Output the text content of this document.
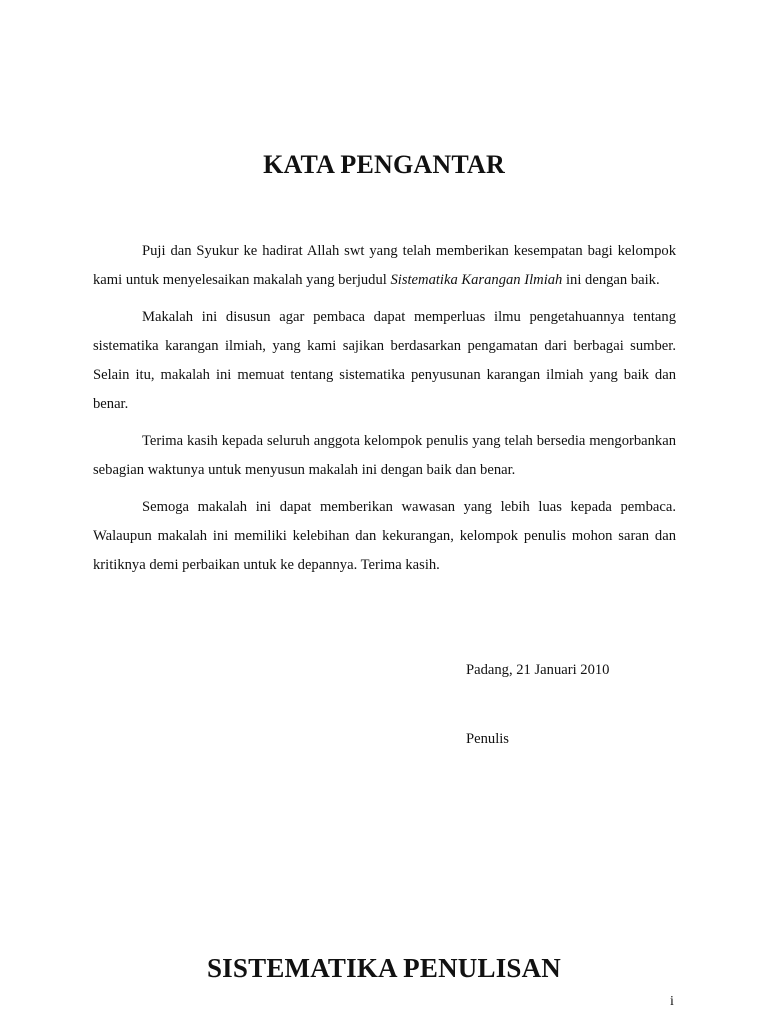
KATA PENGANTAR

Puji dan Syukur ke hadirat Allah swt yang telah memberikan kesempatan bagi kelompok kami untuk menyelesaikan makalah yang berjudul Sistematika Karangan Ilmiah ini dengan baik.

Makalah ini disusun agar pembaca dapat memperluas ilmu pengetahuannya tentang sistematika karangan ilmiah, yang kami sajikan berdasarkan pengamatan dari berbagai sumber. Selain itu, makalah ini memuat tentang sistematika penyusunan karangan ilmiah yang baik dan benar.

Terima kasih kepada seluruh anggota kelompok penulis yang telah bersedia mengorbankan sebagian waktunya untuk menyusun makalah ini dengan baik dan benar.

Semoga makalah ini dapat memberikan wawasan yang lebih luas kepada pembaca. Walaupun makalah ini memiliki kelebihan dan kekurangan, kelompok penulis mohon saran dan kritiknya demi perbaikan untuk ke depannya. Terima kasih.

Padang, 21 Januari 2010
Penulis
SISTEMATIKA PENULISAN
i
